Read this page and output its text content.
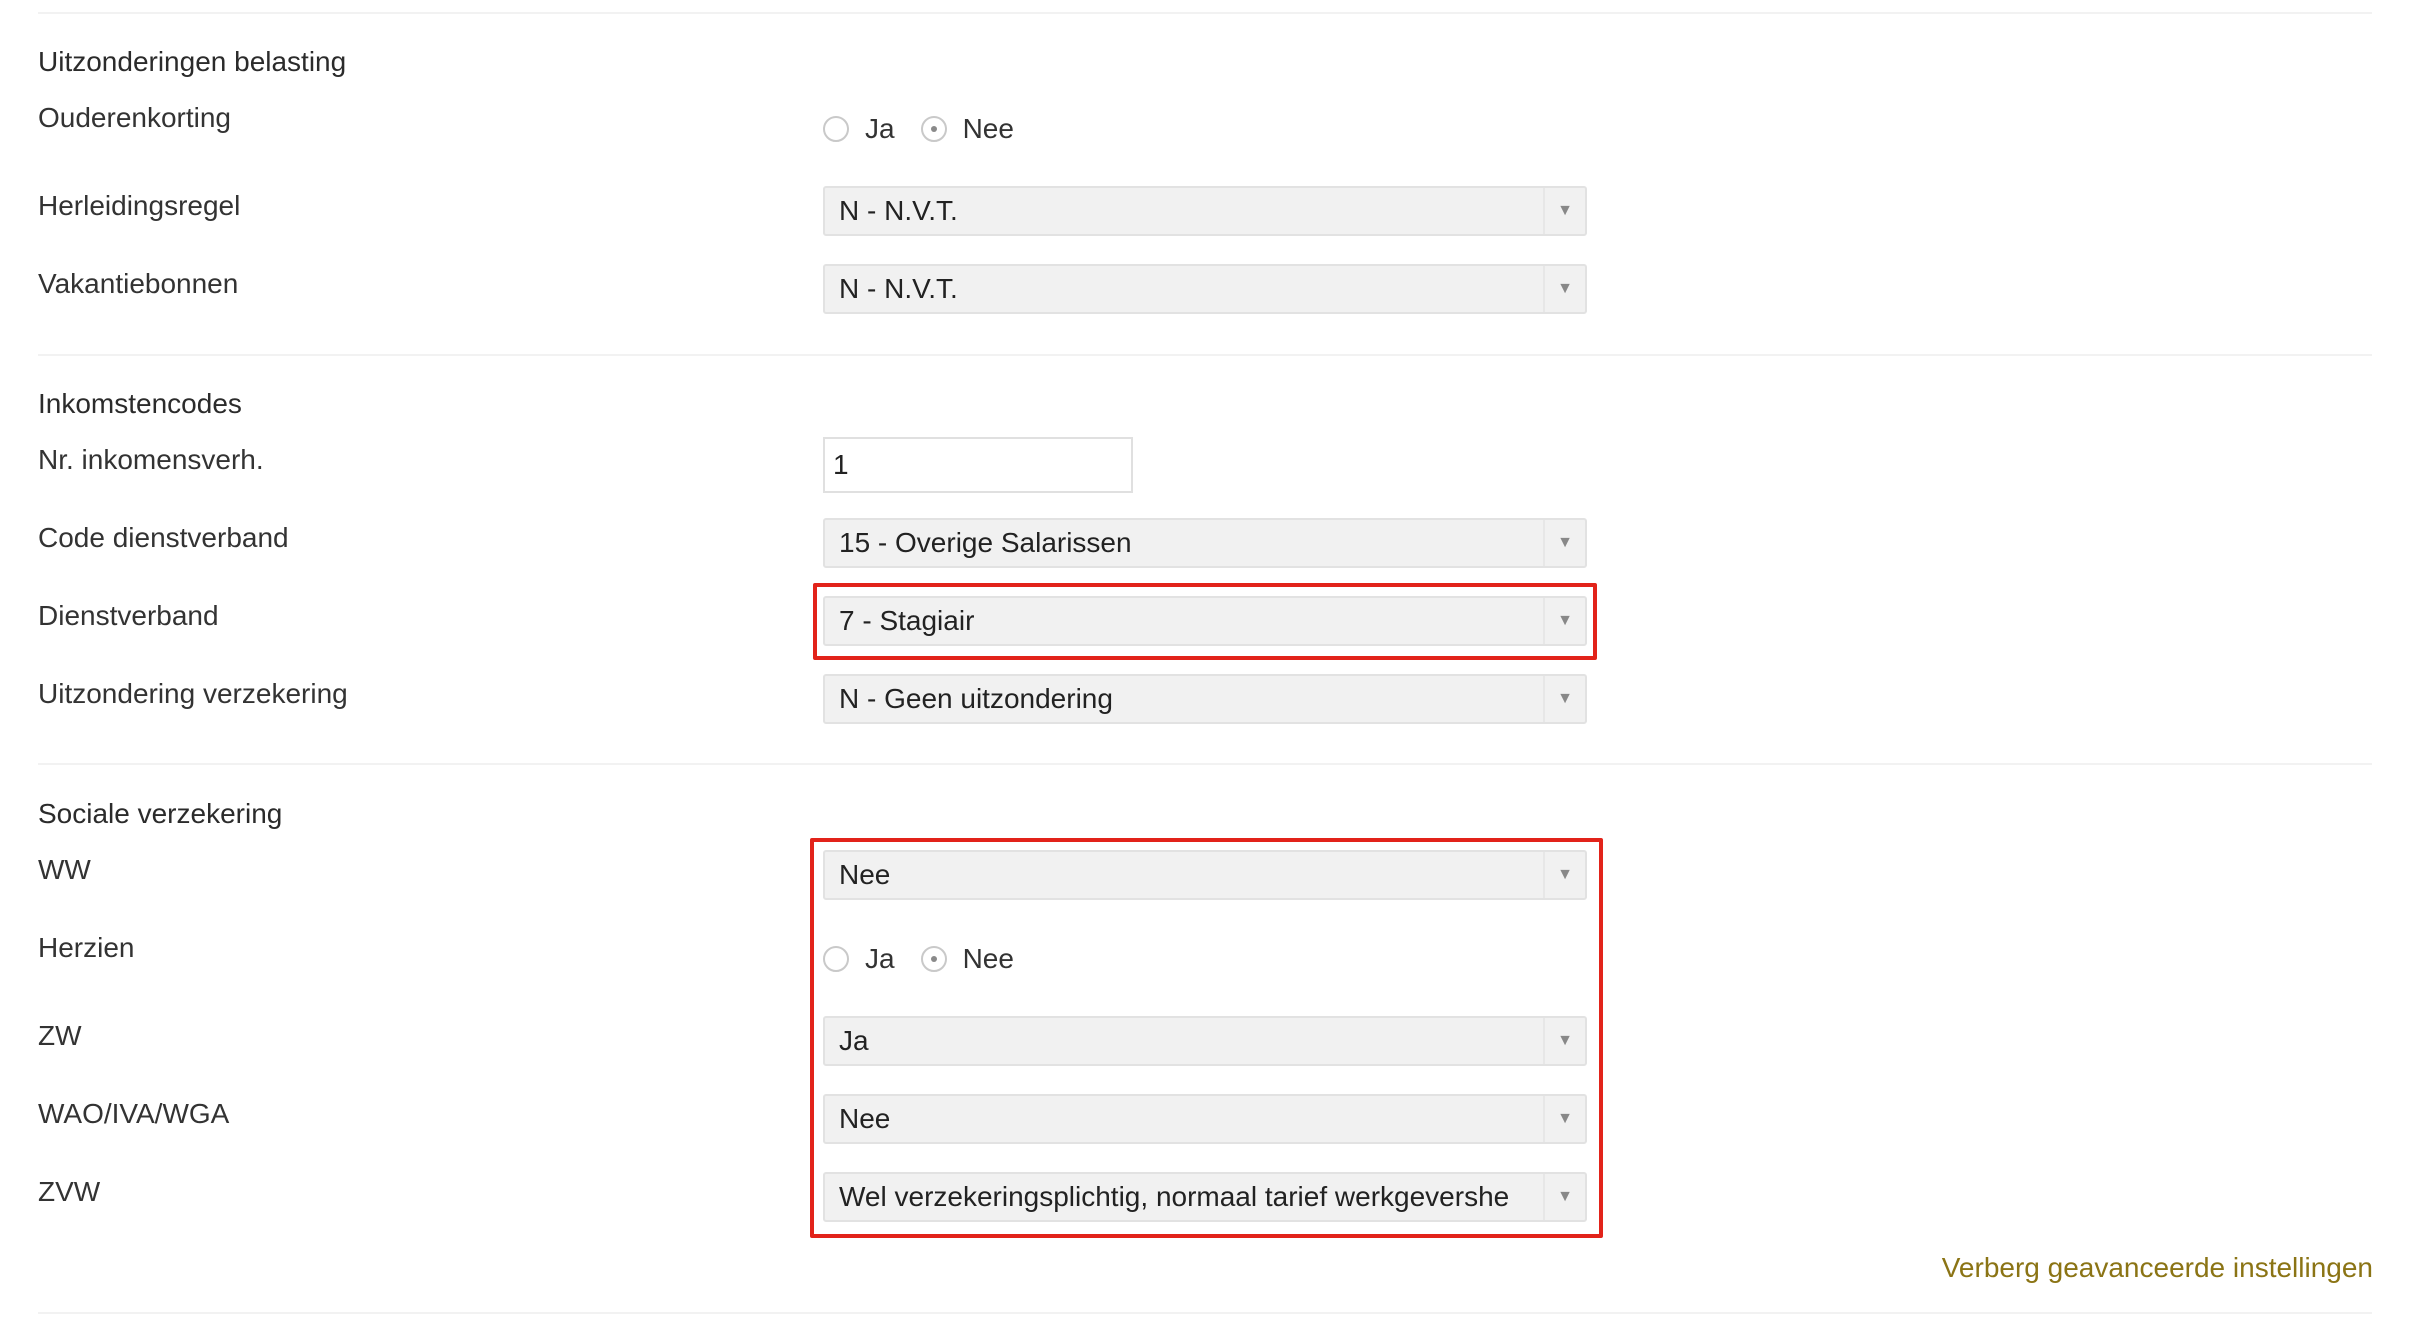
Uitzonderingen belasting
Ouderenkorting	Ja Nee
Herleidingsregel	N - N.V.T.	▼
Vakantiebonnen	N - N.V.T.	▼
Inkomstencodes
Nr. inkomensverh.	1
Code dienstverband	15 - Overige Salarissen	▼
Dienstverband	7 - Stagiair	▼
Uitzondering verzekering	N - Geen uitzondering	▼
Sociale verzekering
WW	Nee	▼
Herzien	Ja Nee
ZW	Ja	▼
WAO/IVA/WGA	Nee	▼
ZVW	Wel verzekeringsplichtig, normaal tarief werkgevershe	▼
Verberg geavanceerde instellingen
